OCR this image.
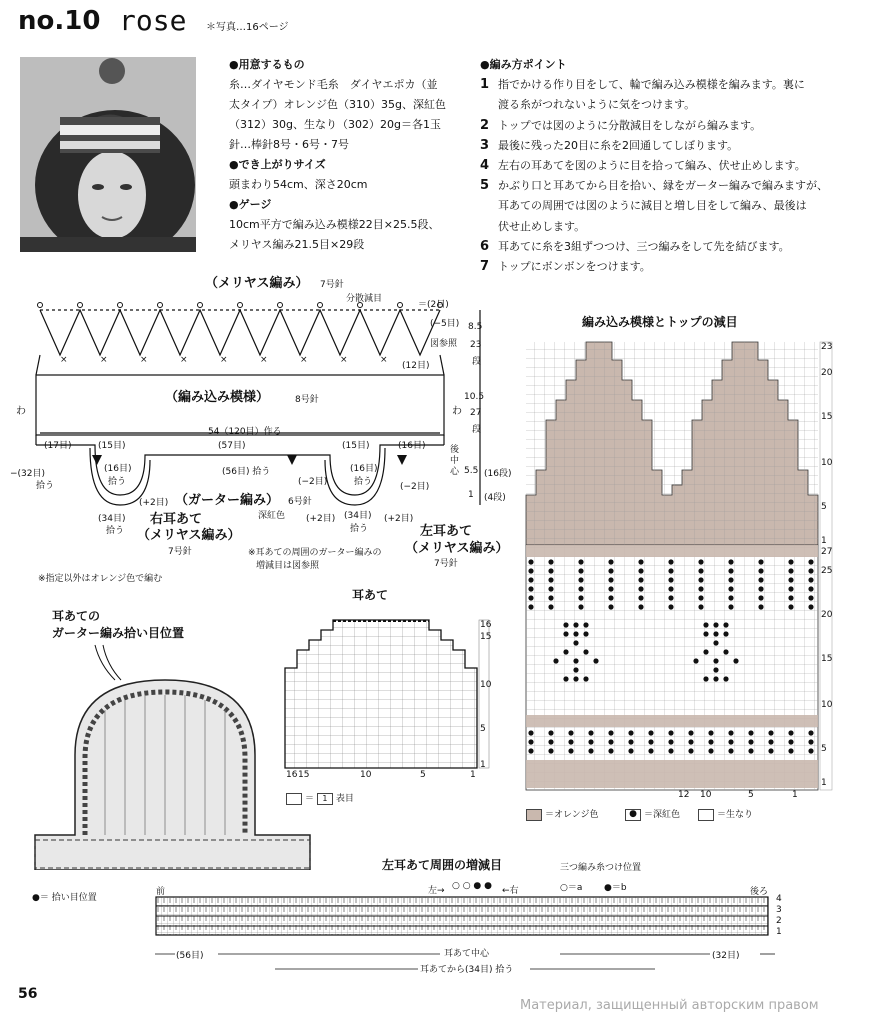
no.10 rose ＊写真…16ページ
●用意するもの
糸…ダイヤモンド毛糸　ダイヤエポカ（並
太タイプ）オレンジ色（310）35g、深紅色
（312）30g、生なり（302）20g＝各1玉
針…棒針8号・6号・7号
●でき上がりサイズ
頭まわり54cm、深さ20cm
●ゲージ
10cm平方で編み込み模様22目×25.5段、
メリヤス編み21.5目×29段
●編み方ポイント
1 指でかける作り目をして、輪で編み込み模様を編みます。裏に
渡る糸がつれないように気をつけます。
2 トップでは図のように分散減目をしながら編みます。
3 最後に残った20目に糸を2回通してしぼります。
4 左右の耳あてを図のように目を拾って編み、伏せ止めします。
5 かぶり口と耳あてから目を拾い、縁をガーター編みで編みますが、
耳あての周囲では図のように減目と増し目をして編み、最後は
伏せ止めします。
6 耳あてに糸を3組ずつつけ、三つ編みをして先を結びます。
7 トップにボンボンをつけます。
×	×	×	×	×	×	×	×	×
（メリヤス編み） 7号針
分散減目
＝(2目)
(−5目)
図参照
(12目)
8.5
23
段
（編み込み模様）	8号針	10.5
27
段
わ	わ
54（120目）作る
(17目)	(15目)	(57目)	(15目)	(16目)	後中心
−(32目)
拾う
(16目)
拾う
(56目) 拾う
(−2目)
(16目)
拾う	(−2目)
5.5 (16段)
1 (4段)
（ガーター編み） 6号針
深紅色 (+2目)
(34目)
拾う
(+2目)
(34目)
拾う
(+2目)
右耳あて
（メリヤス編み）
7号針
左耳あて
（メリヤス編み）
7号針
※耳あての周囲のガーター編みの
増減目は図参照
※指定以外はオレンジ色で編む
編み込み模様とトップの減目
23
20
15
10
5
1
27
25
20
15
10
5
1
12 10	5	1
＝オレンジ色	● ＝深紅色	＝生なり
耳あて
16
15
10
5
1
16 15	10	5	1
＝ 1 表目
耳あての
ガーター編み拾い目位置
●＝ 拾い目位置
左耳あて周囲の増減目	三つ編み糸つけ位置
左→ ○ ○ ● ● ←右	○＝a ●＝b
前	後ろ
4
3
2
1
(56目)	(32目)
耳あて中心
耳あてから(34目) 拾う
56
Материал, защищенный авторским правом
